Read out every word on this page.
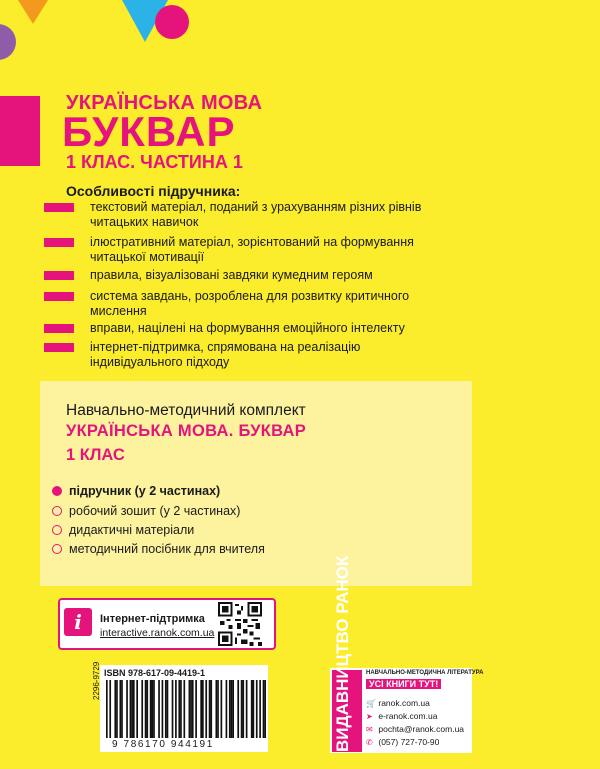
УКРАЇНСЬКА МОВА
БУКВАР
1 КЛАС. ЧАСТИНА 1
Особливості підручника:
текстовий матеріал, поданий з урахуванням різних рівнів
читацьких навичок
ілюстративний матеріал, зорієнтований на формування
читацької мотивації
правила, візуалізовані завдяки кумедним героям
система завдань, розроблена для розвитку критичного
мислення
вправи, націлені на формування емоційного інтелекту
інтернет-підтримка, спрямована на реалізацію
індивідуального підходу
Навчально-методичний комплект
УКРАЇНСЬКА МОВА. БУКВАР
1 КЛАС
підручник (у 2 частинах)
робочий зошит (у 2 частинах)
дидактичні матеріали
методичний посібник для вчителя
i	Інтернет-підтримка
interactive.ranok.com.ua
ISBN 978-617-09-4419-1
2296-9729
9 786170 944191	ВИДАВНИЦТВО РАНОК НАВЧАЛЬНО-МЕТОДИЧНА ЛІТЕРАТУРА
УСІ КНИГИ ТУТ!
🛒 ranok.com.ua
➤ e-ranok.com.ua
✉ pochta@ranok.com.ua
✆ (057) 727-70-90
